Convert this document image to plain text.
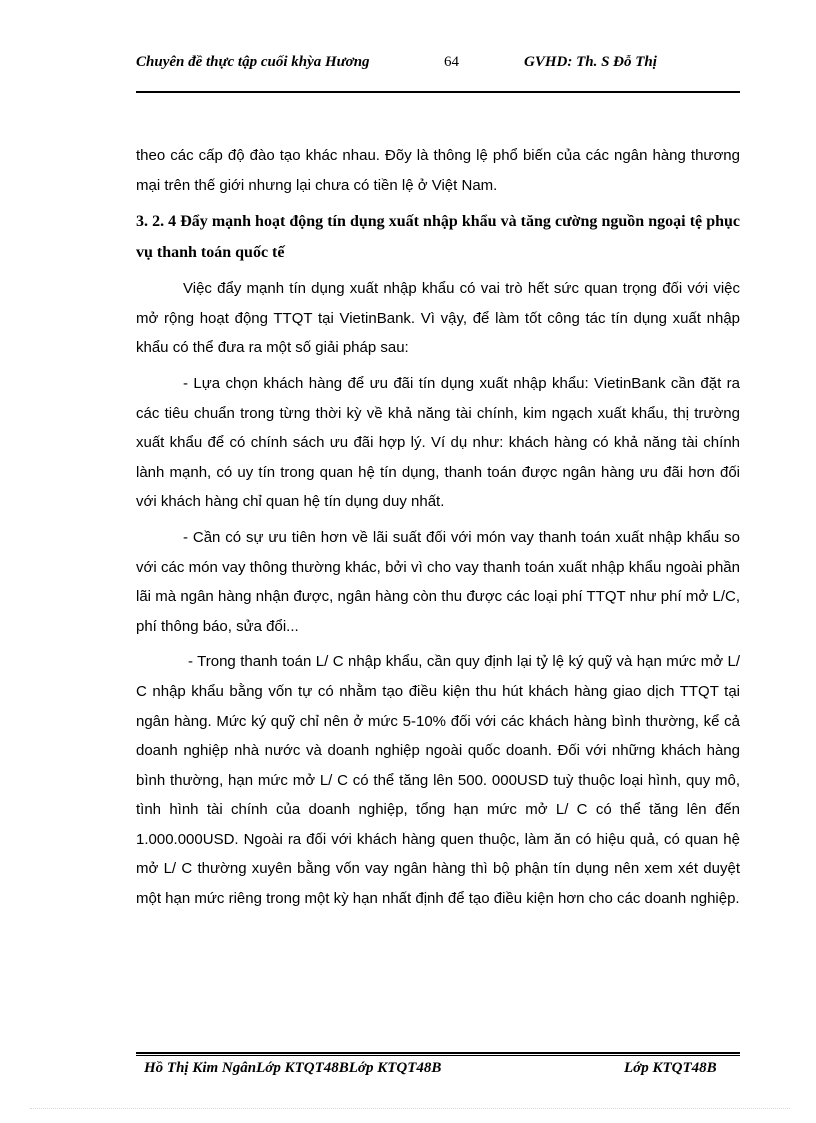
Chuyên đề thực tập cuối khỳa Hương	64	GVHD: Th. S Đỗ Thị

theo các cấp độ đào tạo khác nhau. Đõy là thông lệ phổ biến của các ngân hàng thương mại trên thế giới nhưng lại chưa có tiền lệ ở Việt Nam.

3. 2. 4 Đẩy mạnh hoạt động tín dụng xuất nhập khẩu và tăng cường nguồn ngoại tệ phục vụ thanh toán quốc tế

Việc đẩy mạnh tín dụng xuất nhập khẩu có vai trò hết sức quan trọng đối với việc mở rộng hoạt động TTQT tại VietinBank. Vì vậy, để làm tốt công tác tín dụng xuất nhập khẩu có thể đưa ra một số giải pháp sau:

- Lựa chọn khách hàng để ưu đãi tín dụng xuất nhập khẩu: VietinBank cần đặt ra các tiêu chuẩn trong từng thời kỳ về khả năng tài chính, kim ngạch xuất khẩu, thị trường xuất khẩu để có chính sách ưu đãi hợp lý. Ví dụ như: khách hàng có khả năng tài chính lành mạnh, có uy tín trong quan hệ tín dụng, thanh toán được ngân hàng ưu đãi hơn đối với khách hàng chỉ quan hệ tín dụng duy nhất.

- Cần có sự ưu tiên hơn về lãi suất đối với món vay thanh toán xuất nhập khẩu so với các món vay thông thường khác, bởi vì cho vay thanh toán xuất nhập khẩu ngoài phần lãi mà ngân hàng nhận được, ngân hàng còn thu được các loại phí TTQT như phí mở L/C, phí thông báo, sửa đổi...

- Trong thanh toán L/ C nhập khẩu, cần quy định lại tỷ lệ ký quỹ và hạn mức mở L/ C nhập khẩu bằng vốn tự có nhằm tạo điều kiện thu hút khách hàng giao dịch TTQT tại ngân hàng. Mức ký quỹ chỉ nên ở mức 5-10% đối với các khách hàng bình thường, kể cả doanh nghiệp nhà nước và doanh nghiệp ngoài quốc doanh. Đối với những khách hàng bình thường, hạn mức mở L/ C có thể tăng lên 500. 000USD tuỳ thuộc loại hình, quy mô, tình hình tài chính của doanh nghiệp, tổng hạn mức mở L/ C có thể tăng lên đến 1.000.000USD. Ngoài ra đối với khách hàng quen thuộc, làm ăn có hiệu quả, có quan hệ mở L/ C thường xuyên bằng vốn vay ngân hàng thì bộ phận tín dụng nên xem xét duyệt một hạn mức riêng trong một kỳ hạn nhất định để tạo điều kiện hơn cho các doanh nghiệp.

Hồ Thị Kim NgânLớp KTQT48BLớp KTQT48B	Lớp KTQT48B
